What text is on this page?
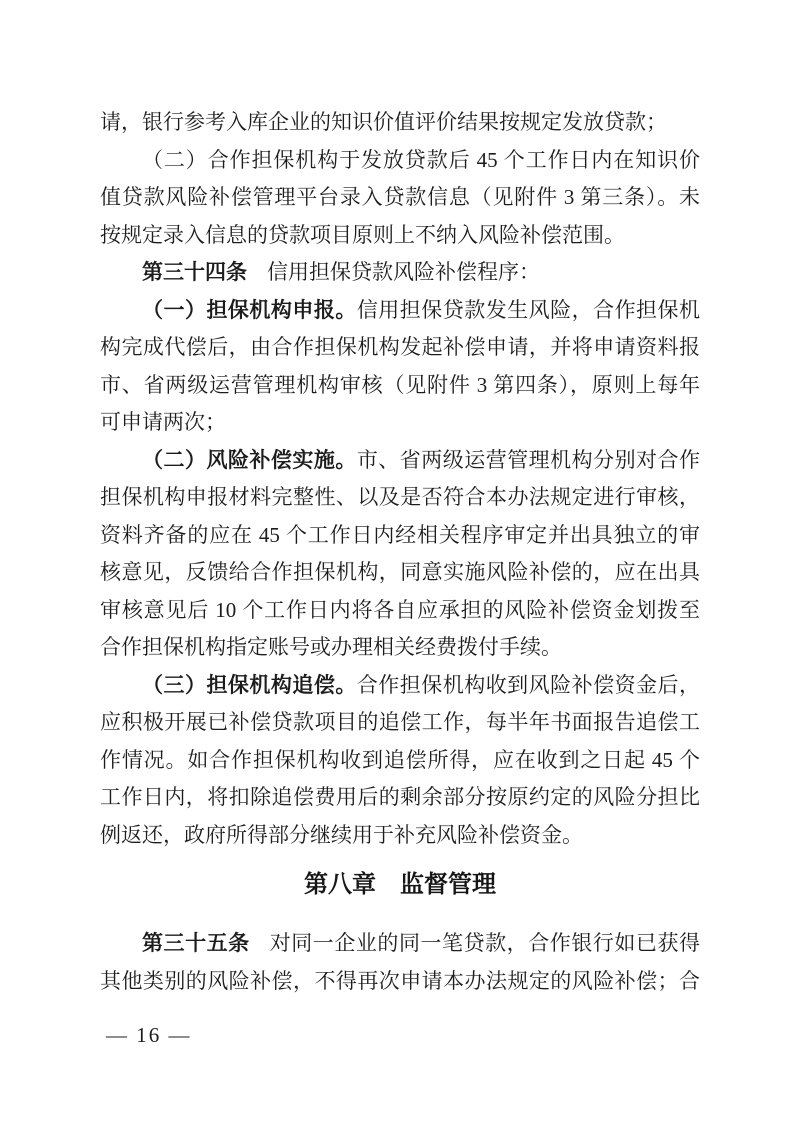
请，银行参考入库企业的知识价值评价结果按规定发放贷款；
（二）合作担保机构于发放贷款后 45 个工作日内在知识价
值贷款风险补偿管理平台录入贷款信息（见附件 3 第三条）。未
按规定录入信息的贷款项目原则上不纳入风险补偿范围。
第三十四条 信用担保贷款风险补偿程序：
（一）担保机构申报。信用担保贷款发生风险，合作担保机
构完成代偿后，由合作担保机构发起补偿申请，并将申请资料报
市、省两级运营管理机构审核（见附件 3 第四条），原则上每年
可申请两次；
（二）风险补偿实施。市、省两级运营管理机构分别对合作
担保机构申报材料完整性、以及是否符合本办法规定进行审核，
资料齐备的应在 45 个工作日内经相关程序审定并出具独立的审
核意见，反馈给合作担保机构，同意实施风险补偿的，应在出具
审核意见后 10 个工作日内将各自应承担的风险补偿资金划拨至
合作担保机构指定账号或办理相关经费拨付手续。
（三）担保机构追偿。合作担保机构收到风险补偿资金后，
应积极开展已补偿贷款项目的追偿工作，每半年书面报告追偿工
作情况。如合作担保机构收到追偿所得，应在收到之日起 45 个
工作日内，将扣除追偿费用后的剩余部分按原约定的风险分担比
例返还，政府所得部分继续用于补充风险补偿资金。
第八章　监督管理
第三十五条 对同一企业的同一笔贷款，合作银行如已获得
其他类别的风险补偿，不得再次申请本办法规定的风险补偿；合
— 16 —
